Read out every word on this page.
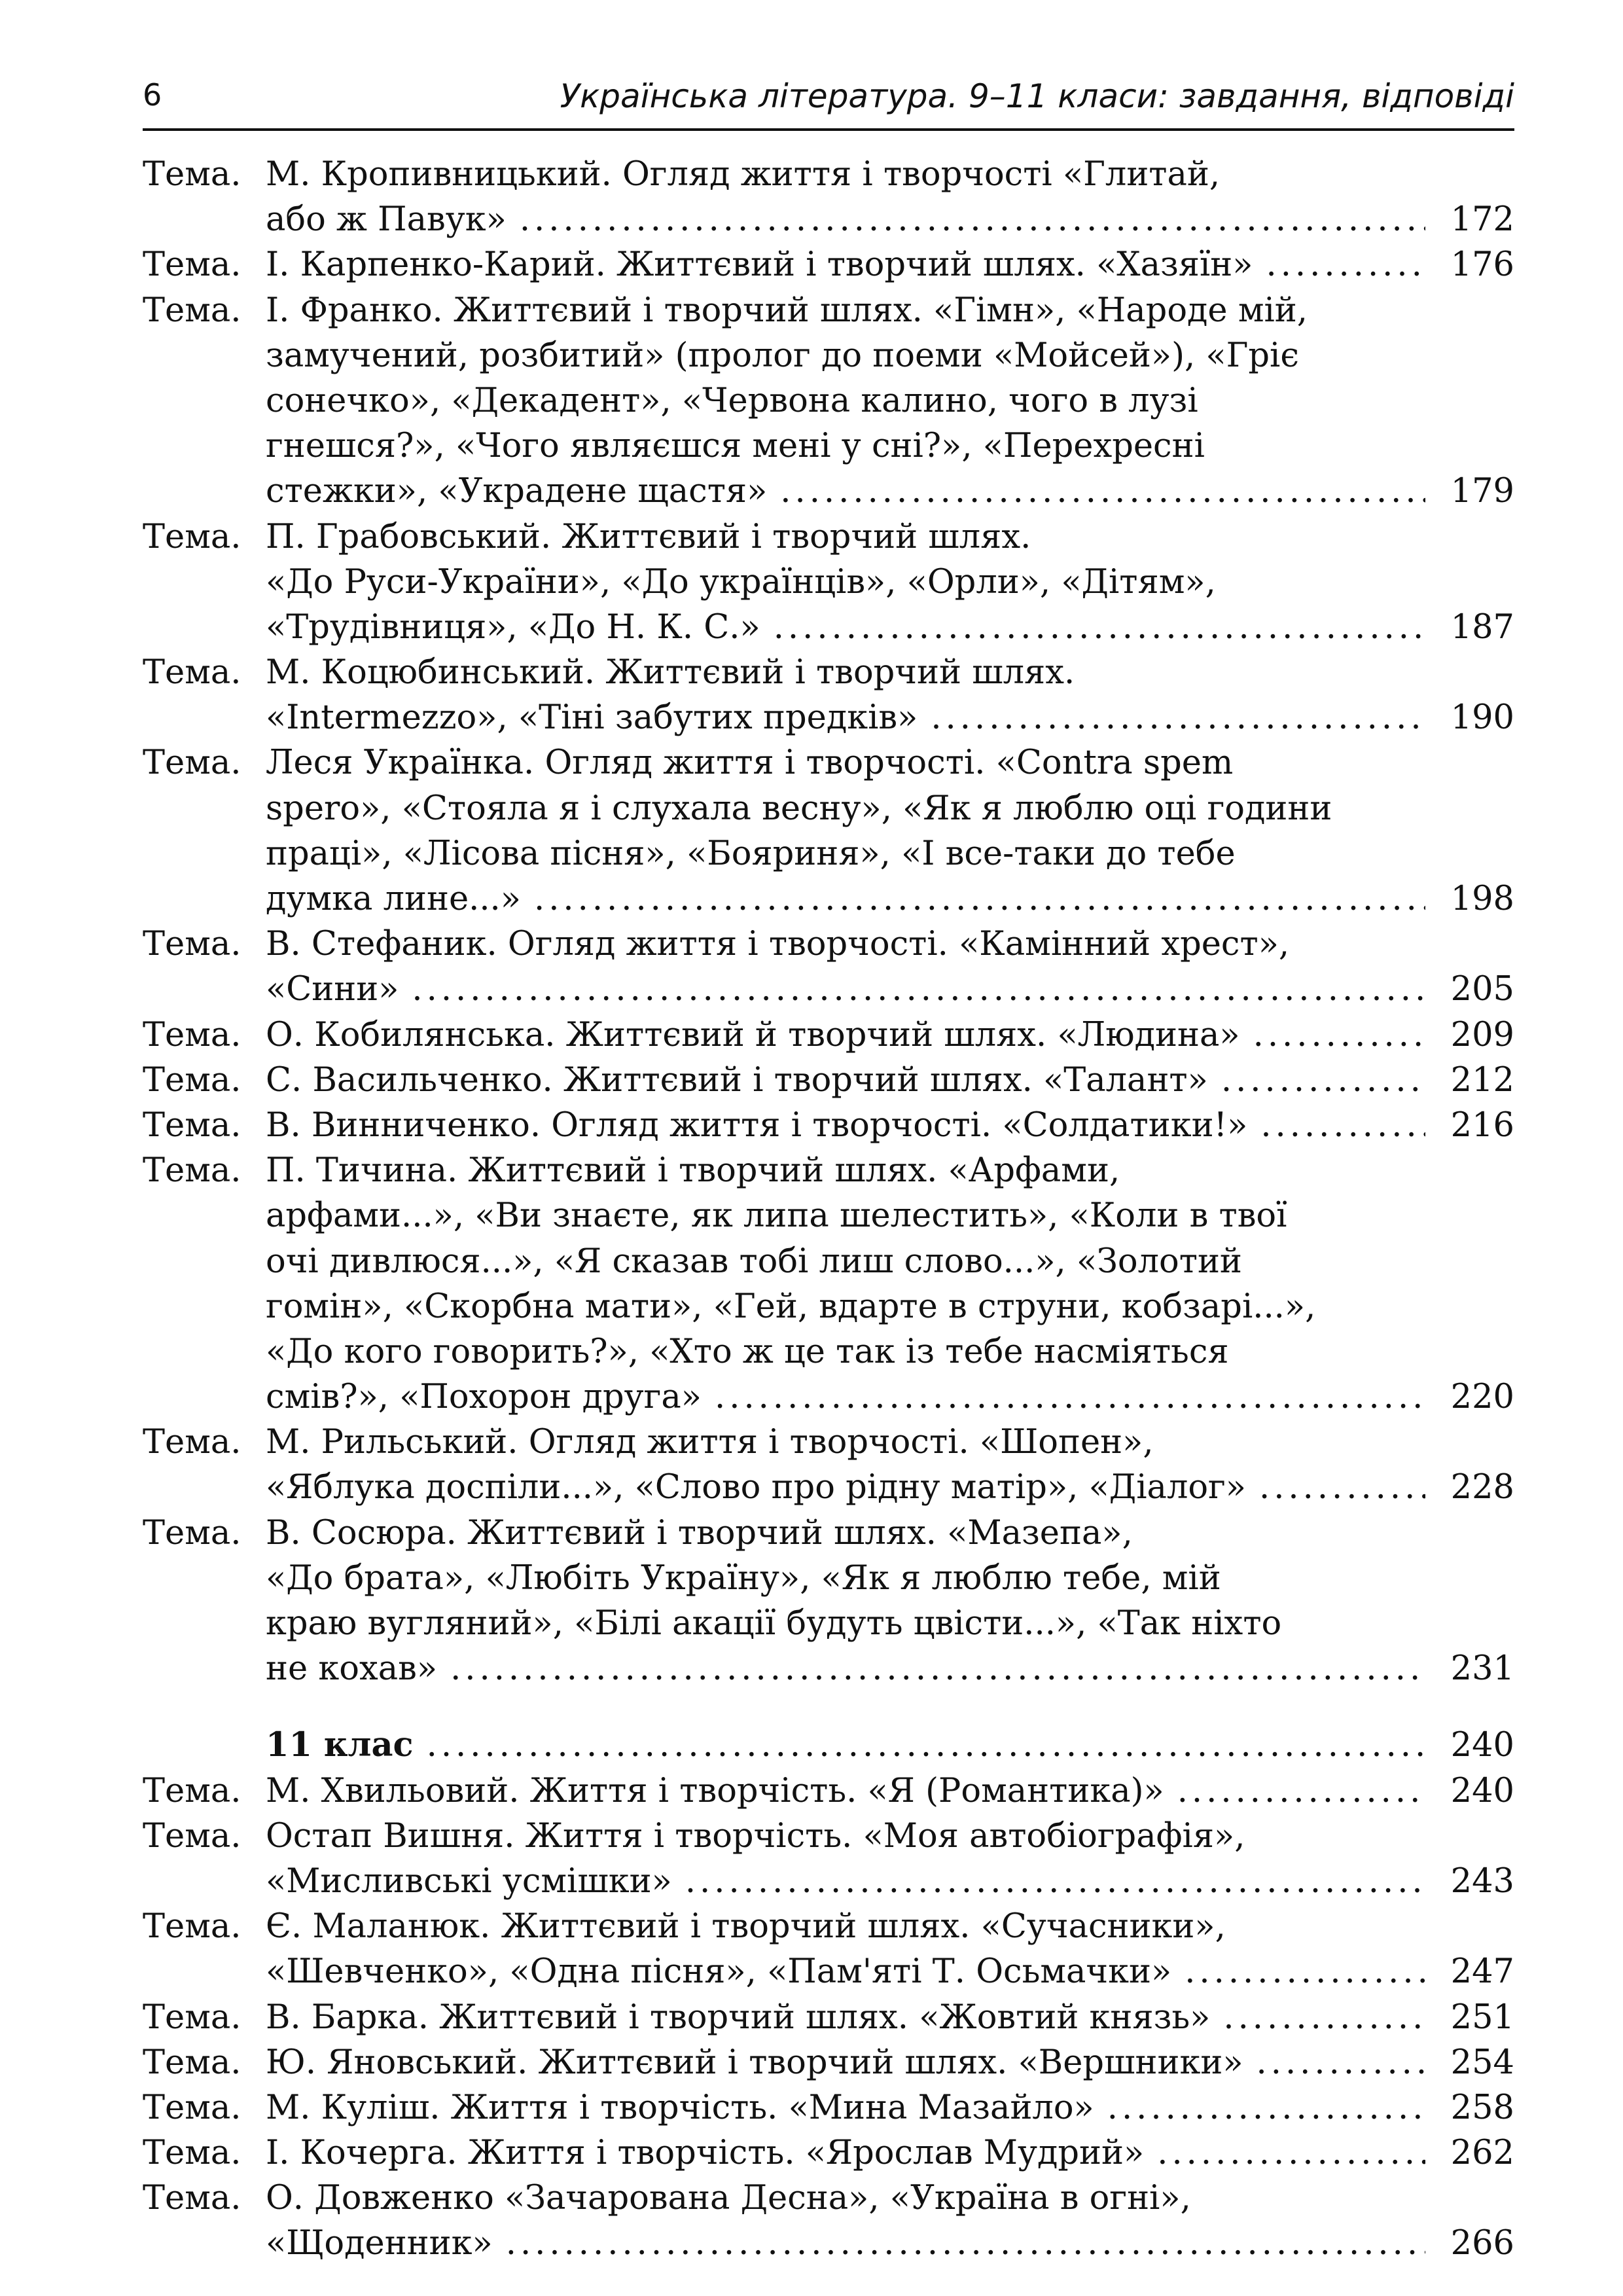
6	Українська література. 9–11 класи: завдання, відповіді
Тема. М. Кропивницький. Огляд життя і творчості «Глитай,
або ж Павук» .....	172
Тема. І. Карпенко-Карий. Життєвий і творчий шлях. «Хазяїн» .....	176
Тема. І. Франко. Життєвий і творчий шлях. «Гімн», «Народе мій,
замучений, розбитий» (пролог до поеми «Мойсей»), «Гріє
сонечко», «Декадент», «Червона калино, чого в лузі
гнешся?», «Чого являєшся мені у сні?», «Перехресні
стежки», «Украдене щастя» .....	179
Тема. П. Грабовський. Життєвий і творчий шлях.
«До Руси-України», «До українців», «Орли», «Дітям»,
«Трудівниця», «До Н. К. С.» .....	187
Тема. М. Коцюбинський. Життєвий і творчий шлях.
«Intermezzo», «Тіні забутих предків» .....	190
Тема. Леся Українка. Огляд життя і творчості. «Contra spem
spero», «Стояла я і слухала весну», «Як я люблю оці години
праці», «Лісова пісня», «Бояриня», «І все-таки до тебе
думка лине...» .....	198
Тема. В. Стефаник. Огляд життя і творчості. «Камінний хрест»,
«Сини» .....	205
Тема. О. Кобилянська. Життєвий й творчий шлях. «Людина» .....	209
Тема. С. Васильченко. Життєвий і творчий шлях. «Талант» .....	212
Тема. В. Винниченко. Огляд життя і творчості. «Солдатики!» .....	216
Тема. П. Тичина. Життєвий і творчий шлях. «Арфами,
арфами...», «Ви знаєте, як липа шелестить», «Коли в твої
очі дивлюся...», «Я сказав тобі лиш слово...», «Золотий
гомін», «Скорбна мати», «Гей, вдарте в струни, кобзарі...»,
«До кого говорить?», «Хто ж це так із тебе насміяться
смів?», «Похорон друга» .....	220
Тема. М. Рильський. Огляд життя і творчості. «Шопен»,
«Яблука доспіли...», «Слово про рідну матір», «Діалог» .....	228
Тема. В. Сосюра. Життєвий і творчий шлях. «Мазепа»,
«До брата», «Любіть Україну», «Як я люблю тебе, мій
краю вугляний», «Білі акації будуть цвісти...», «Так ніхто
не кохав» .....	231
11 клас .....	240
Тема. М. Хвильовий. Життя і творчість. «Я (Романтика)» .....	240
Тема. Остап Вишня. Життя і творчість. «Моя автобіографія»,
«Мисливські усмішки» .....	243
Тема. Є. Маланюк. Життєвий і творчий шлях. «Сучасники»,
«Шевченко», «Одна пісня», «Пам'яті Т. Осьмачки» .....	247
Тема. В. Барка. Життєвий і творчий шлях. «Жовтий князь» .....	251
Тема. Ю. Яновський. Життєвий і творчий шлях. «Вершники» .....	254
Тема. М. Куліш. Життя і творчість. «Мина Мазайло» .....	258
Тема. І. Кочерга. Життя і творчість. «Ярослав Мудрий» .....	262
Тема. О. Довженко «Зачарована Десна», «Україна в огні»,
«Щоденник» .....	266
